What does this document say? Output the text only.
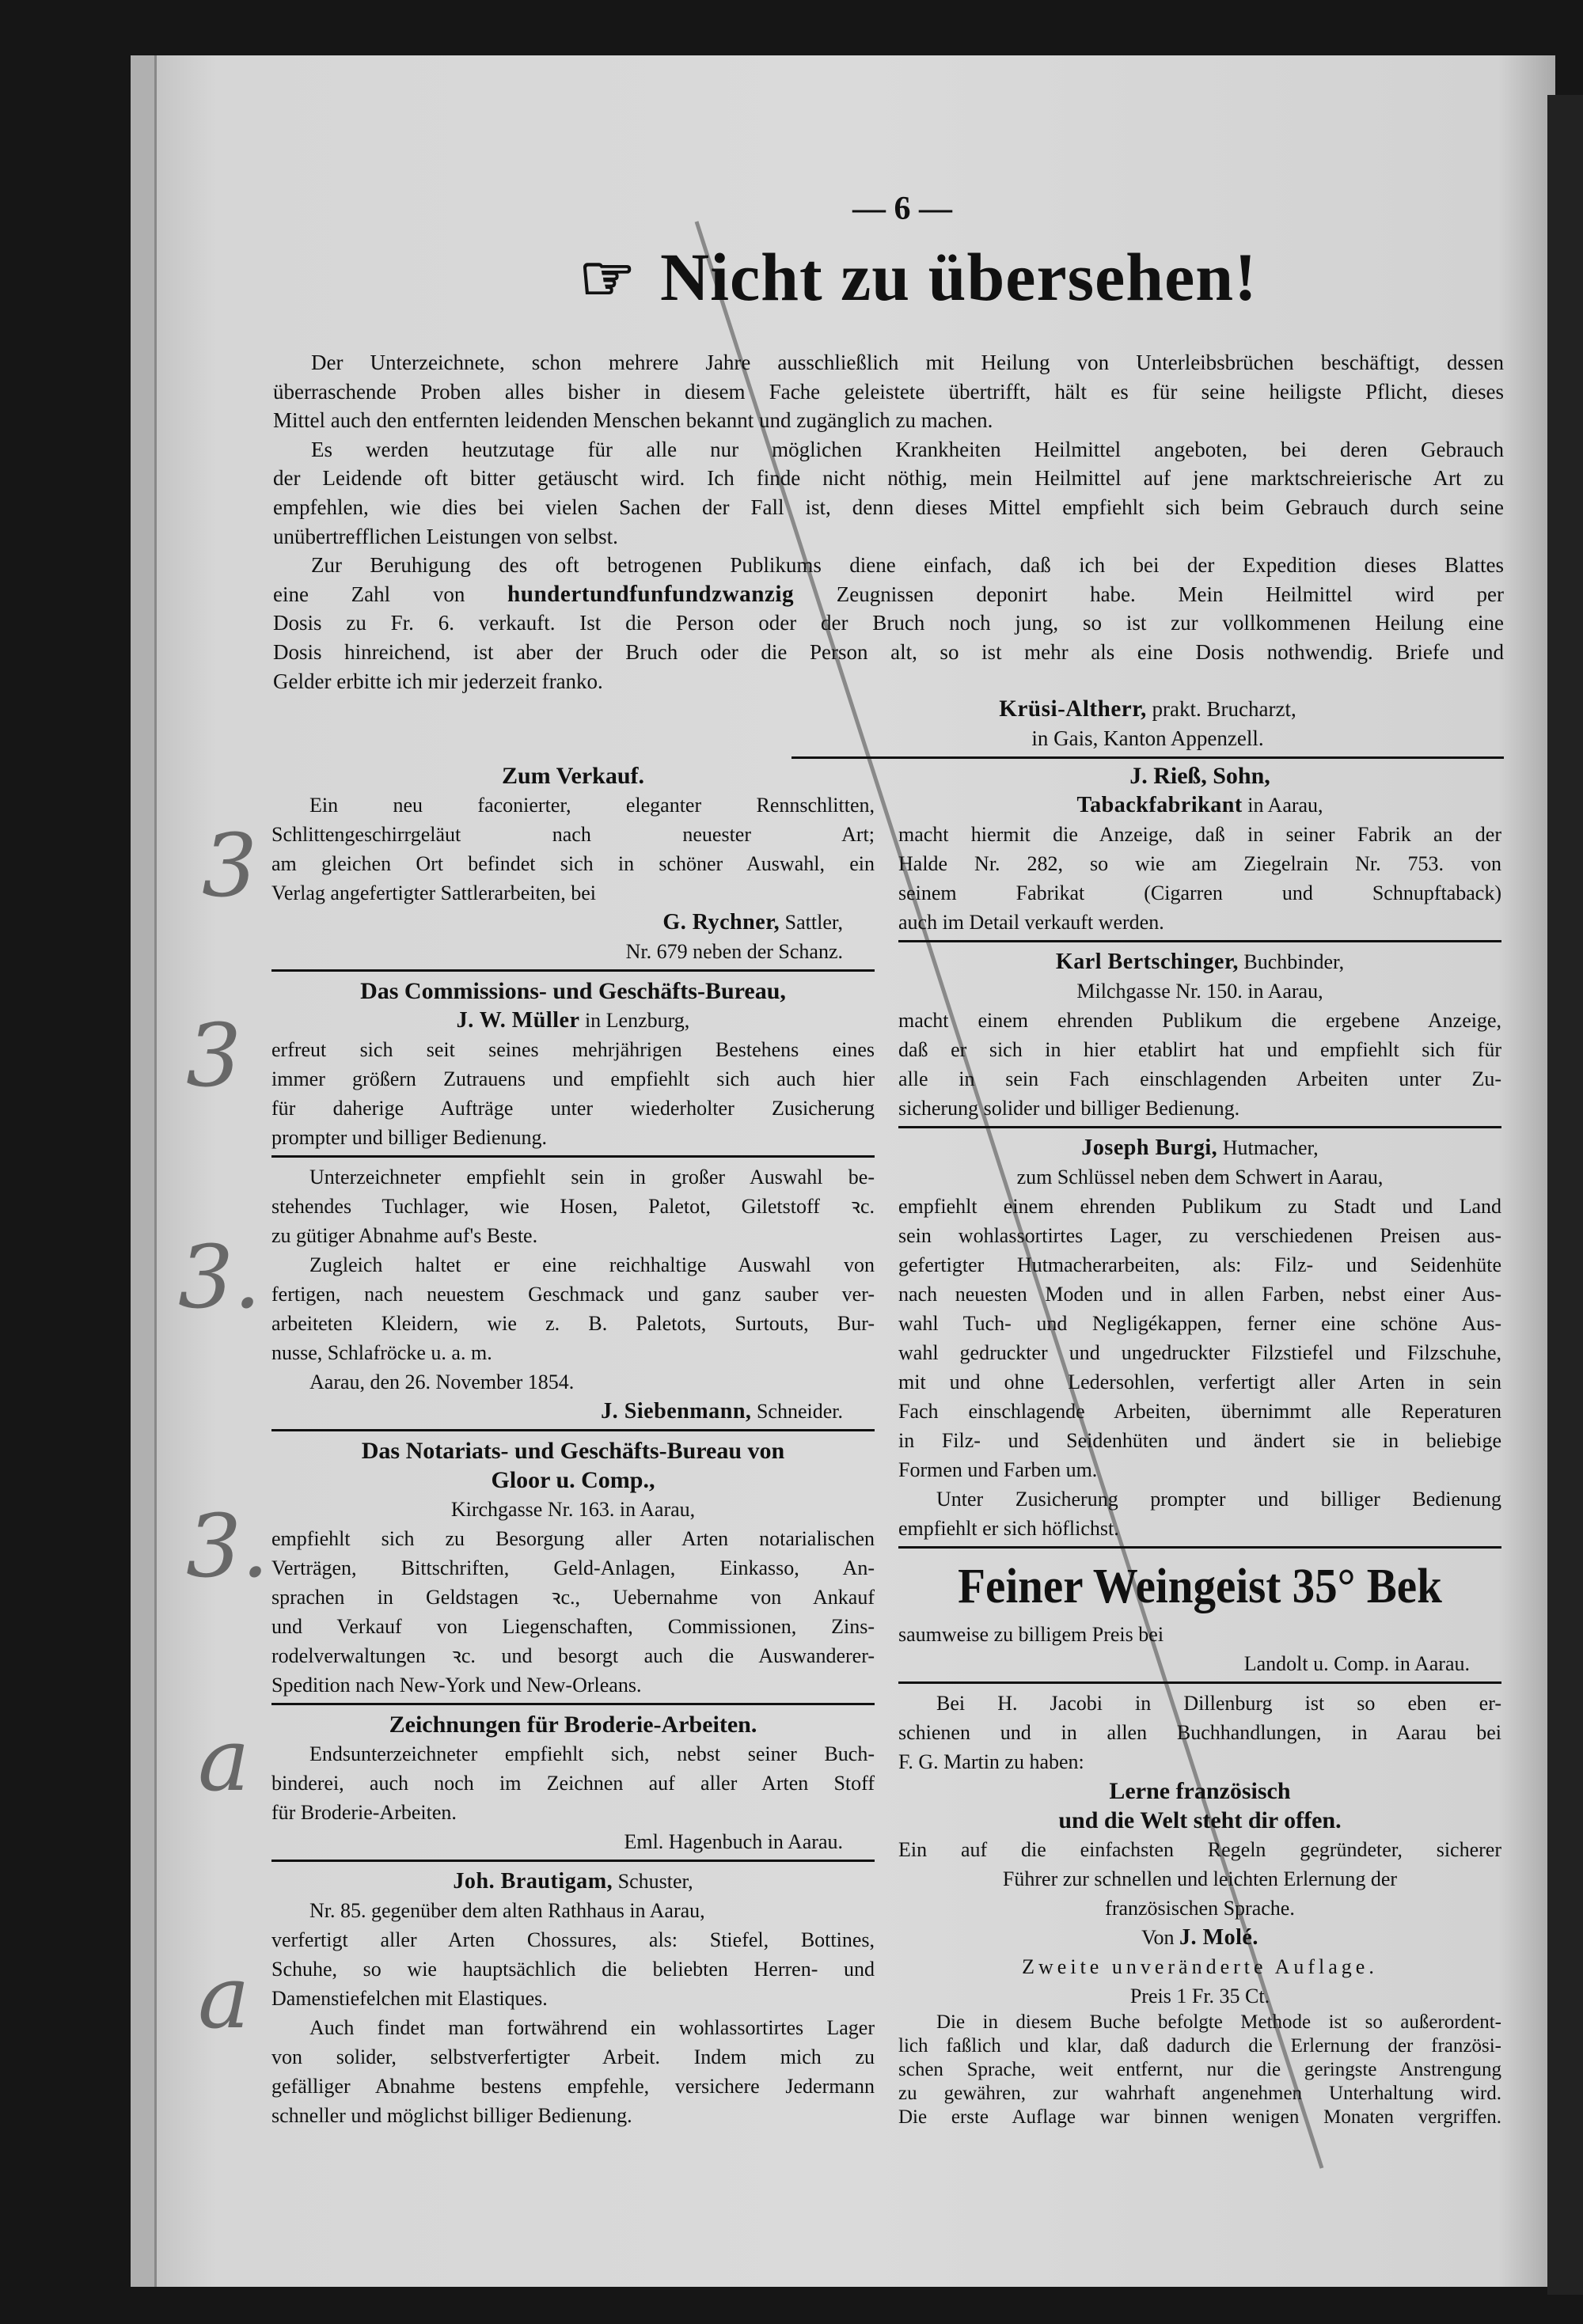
— 6 —
☞ Nicht zu übersehen!
Der Unterzeichnete, schon mehrere Jahre ausschließlich mit Heilung von Unterleibsbrüchen beschäftigt, dessen
überraschende Proben alles bisher in diesem Fache geleistete übertrifft, hält es für seine heiligste Pflicht, dieses
Mittel auch den entfernten leidenden Menschen bekannt und zugänglich zu machen.
Es werden heutzutage für alle nur möglichen Krankheiten Heilmittel angeboten, bei deren Gebrauch
der Leidende oft bitter getäuscht wird. Ich finde nicht nöthig, mein Heilmittel auf jene marktschreierische Art zu
empfehlen, wie dies bei vielen Sachen der Fall ist, denn dieses Mittel empfiehlt sich beim Gebrauch durch seine
unübertrefflichen Leistungen von selbst.
Zur Beruhigung des oft betrogenen Publikums diene einfach, daß ich bei der Expedition dieses Blattes
eine Zahl von hundertundfunfundzwanzig Zeugnissen deponirt habe. Mein Heilmittel wird per
Dosis zu Fr. 6. verkauft. Ist die Person oder der Bruch noch jung, so ist zur vollkommenen Heilung eine
Dosis hinreichend, ist aber der Bruch oder die Person alt, so ist mehr als eine Dosis nothwendig. Briefe und
Gelder erbitte ich mir jederzeit franko.
Krüsi-Altherr, prakt. Brucharzt,
in Gais, Kanton Appenzell.
Zum Verkauf.
Ein neu faconierter, eleganter Rennschlitten,
Schlittengeschirrgeläut nach neuester Art;
am gleichen Ort befindet sich in schöner Auswahl, ein
Verlag angefertigter Sattlerarbeiten, bei
G. Rychner, Sattler,
Nr. 679 neben der Schanz.
Das Commissions- und Geschäfts-Bureau,
J. W. Müller in Lenzburg,
erfreut sich seit seines mehrjährigen Bestehens eines
immer größern Zutrauens und empfiehlt sich auch hier
für daherige Aufträge unter wiederholter Zusicherung
prompter und billiger Bedienung.
Unterzeichneter empfiehlt sein in großer Auswahl be-
stehendes Tuchlager, wie Hosen, Paletot, Giletstoff ꝛc.
zu gütiger Abnahme auf's Beste.
Zugleich haltet er eine reichhaltige Auswahl von
fertigen, nach neuestem Geschmack und ganz sauber ver-
arbeiteten Kleidern, wie z. B. Paletots, Surtouts, Bur-
nusse, Schlafröcke u. a. m.
Aarau, den 26. November 1854.
J. Siebenmann, Schneider.
Das Notariats- und Geschäfts-Bureau von
Gloor u. Comp.,
Kirchgasse Nr. 163. in Aarau,
empfiehlt sich zu Besorgung aller Arten notarialischen
Verträgen, Bittschriften, Geld-Anlagen, Einkasso, An-
sprachen in Geldstagen ꝛc., Uebernahme von Ankauf
und Verkauf von Liegenschaften, Commissionen, Zins-
rodelverwaltungen ꝛc. und besorgt auch die Auswanderer-
Spedition nach New-York und New-Orleans.
Zeichnungen für Broderie-Arbeiten.
Endsunterzeichneter empfiehlt sich, nebst seiner Buch-
binderei, auch noch im Zeichnen auf aller Arten Stoff
für Broderie-Arbeiten.
Eml. Hagenbuch in Aarau.
Joh. Brautigam, Schuster,
Nr. 85. gegenüber dem alten Rathhaus in Aarau,
verfertigt aller Arten Chossures, als: Stiefel, Bottines,
Schuhe, so wie hauptsächlich die beliebten Herren- und
Damenstiefelchen mit Elastiques.
Auch findet man fortwährend ein wohlassortirtes Lager
von solider, selbstverfertigter Arbeit. Indem mich zu
gefälliger Abnahme bestens empfehle, versichere Jedermann
schneller und möglichst billiger Bedienung.
J. Rieß, Sohn,
Tabackfabrikant in Aarau,
macht hiermit die Anzeige, daß in seiner Fabrik an der
Halde Nr. 282, so wie am Ziegelrain Nr. 753. von
seinem Fabrikat (Cigarren und Schnupftaback)
auch im Detail verkauft werden.
Karl Bertschinger, Buchbinder,
Milchgasse Nr. 150. in Aarau,
macht einem ehrenden Publikum die ergebene Anzeige,
daß er sich in hier etablirt hat und empfiehlt sich für
alle in sein Fach einschlagenden Arbeiten unter Zu-
sicherung solider und billiger Bedienung.
Joseph Burgi, Hutmacher,
zum Schlüssel neben dem Schwert in Aarau,
empfiehlt einem ehrenden Publikum zu Stadt und Land
sein wohlassortirtes Lager, zu verschiedenen Preisen aus-
gefertigter Hutmacherarbeiten, als: Filz- und Seidenhüte
nach neuesten Moden und in allen Farben, nebst einer Aus-
wahl Tuch- und Negligékappen, ferner eine schöne Aus-
wahl gedruckter und ungedruckter Filzstiefel und Filzschuhe,
mit und ohne Ledersohlen, verfertigt aller Arten in sein
Fach einschlagende Arbeiten, übernimmt alle Reperaturen
in Filz- und Seidenhüten und ändert sie in beliebige
Formen und Farben um.
Unter Zusicherung prompter und billiger Bedienung
empfiehlt er sich höflichst.
Feiner Weingeist 35° Bek
saumweise zu billigem Preis bei
Landolt u. Comp. in Aarau.
Bei H. Jacobi in Dillenburg ist so eben er-
schienen und in allen Buchhandlungen, in Aarau bei
F. G. Martin zu haben:
Lerne französisch
und die Welt steht dir offen.
Ein auf die einfachsten Regeln gegründeter, sicherer
Führer zur schnellen und leichten Erlernung der
französischen Sprache.
Von J. Molé.
Zweite unveränderte Auflage.
Preis 1 Fr. 35 Ct.
Die in diesem Buche befolgte Methode ist so außerordent-
lich faßlich und klar, daß dadurch die Erlernung der französi-
schen Sprache, weit entfernt, nur die geringste Anstrengung
zu gewähren, zur wahrhaft angenehmen Unterhaltung wird.
Die erste Auflage war binnen wenigen Monaten vergriffen.
3
3
3.
3.
a
a
